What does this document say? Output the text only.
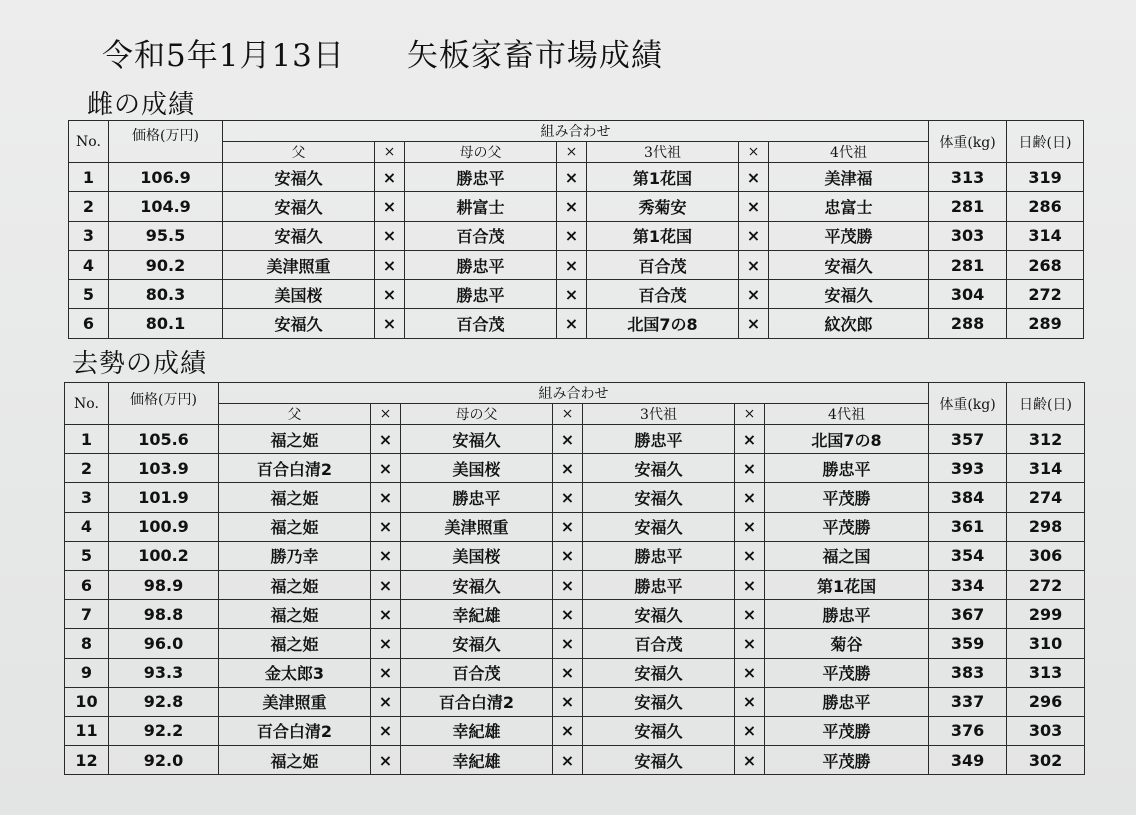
令和5年1月13日 矢板家畜市場成績
雌の成績
No.	価格(万円)	組み合わせ							体重(kg)	日齢(日)
		父	×	母の父	×	3代祖	×	4代祖		
1	106.9	安福久	×	勝忠平	×	第1花国	×	美津福	313	319
2	104.9	安福久	×	耕富士	×	秀菊安	×	忠富士	281	286
3	95.5	安福久	×	百合茂	×	第1花国	×	平茂勝	303	314
4	90.2	美津照重	×	勝忠平	×	百合茂	×	安福久	281	268
5	80.3	美国桜	×	勝忠平	×	百合茂	×	安福久	304	272
6	80.1	安福久	×	百合茂	×	北国7の8	×	紋次郎	288	289
去勢の成績
No.	価格(万円)	組み合わせ							体重(kg)	日齢(日)
		父	×	母の父	×	3代祖	×	4代祖		
1	105.6	福之姫	×	安福久	×	勝忠平	×	北国7の8	357	312
2	103.9	百合白清2	×	美国桜	×	安福久	×	勝忠平	393	314
3	101.9	福之姫	×	勝忠平	×	安福久	×	平茂勝	384	274
4	100.9	福之姫	×	美津照重	×	安福久	×	平茂勝	361	298
5	100.2	勝乃幸	×	美国桜	×	勝忠平	×	福之国	354	306
6	98.9	福之姫	×	安福久	×	勝忠平	×	第1花国	334	272
7	98.8	福之姫	×	幸紀雄	×	安福久	×	勝忠平	367	299
8	96.0	福之姫	×	安福久	×	百合茂	×	菊谷	359	310
9	93.3	金太郎3	×	百合茂	×	安福久	×	平茂勝	383	313
10	92.8	美津照重	×	百合白清2	×	安福久	×	勝忠平	337	296
11	92.2	百合白清2	×	幸紀雄	×	安福久	×	平茂勝	376	303
12	92.0	福之姫	×	幸紀雄	×	安福久	×	平茂勝	349	302
